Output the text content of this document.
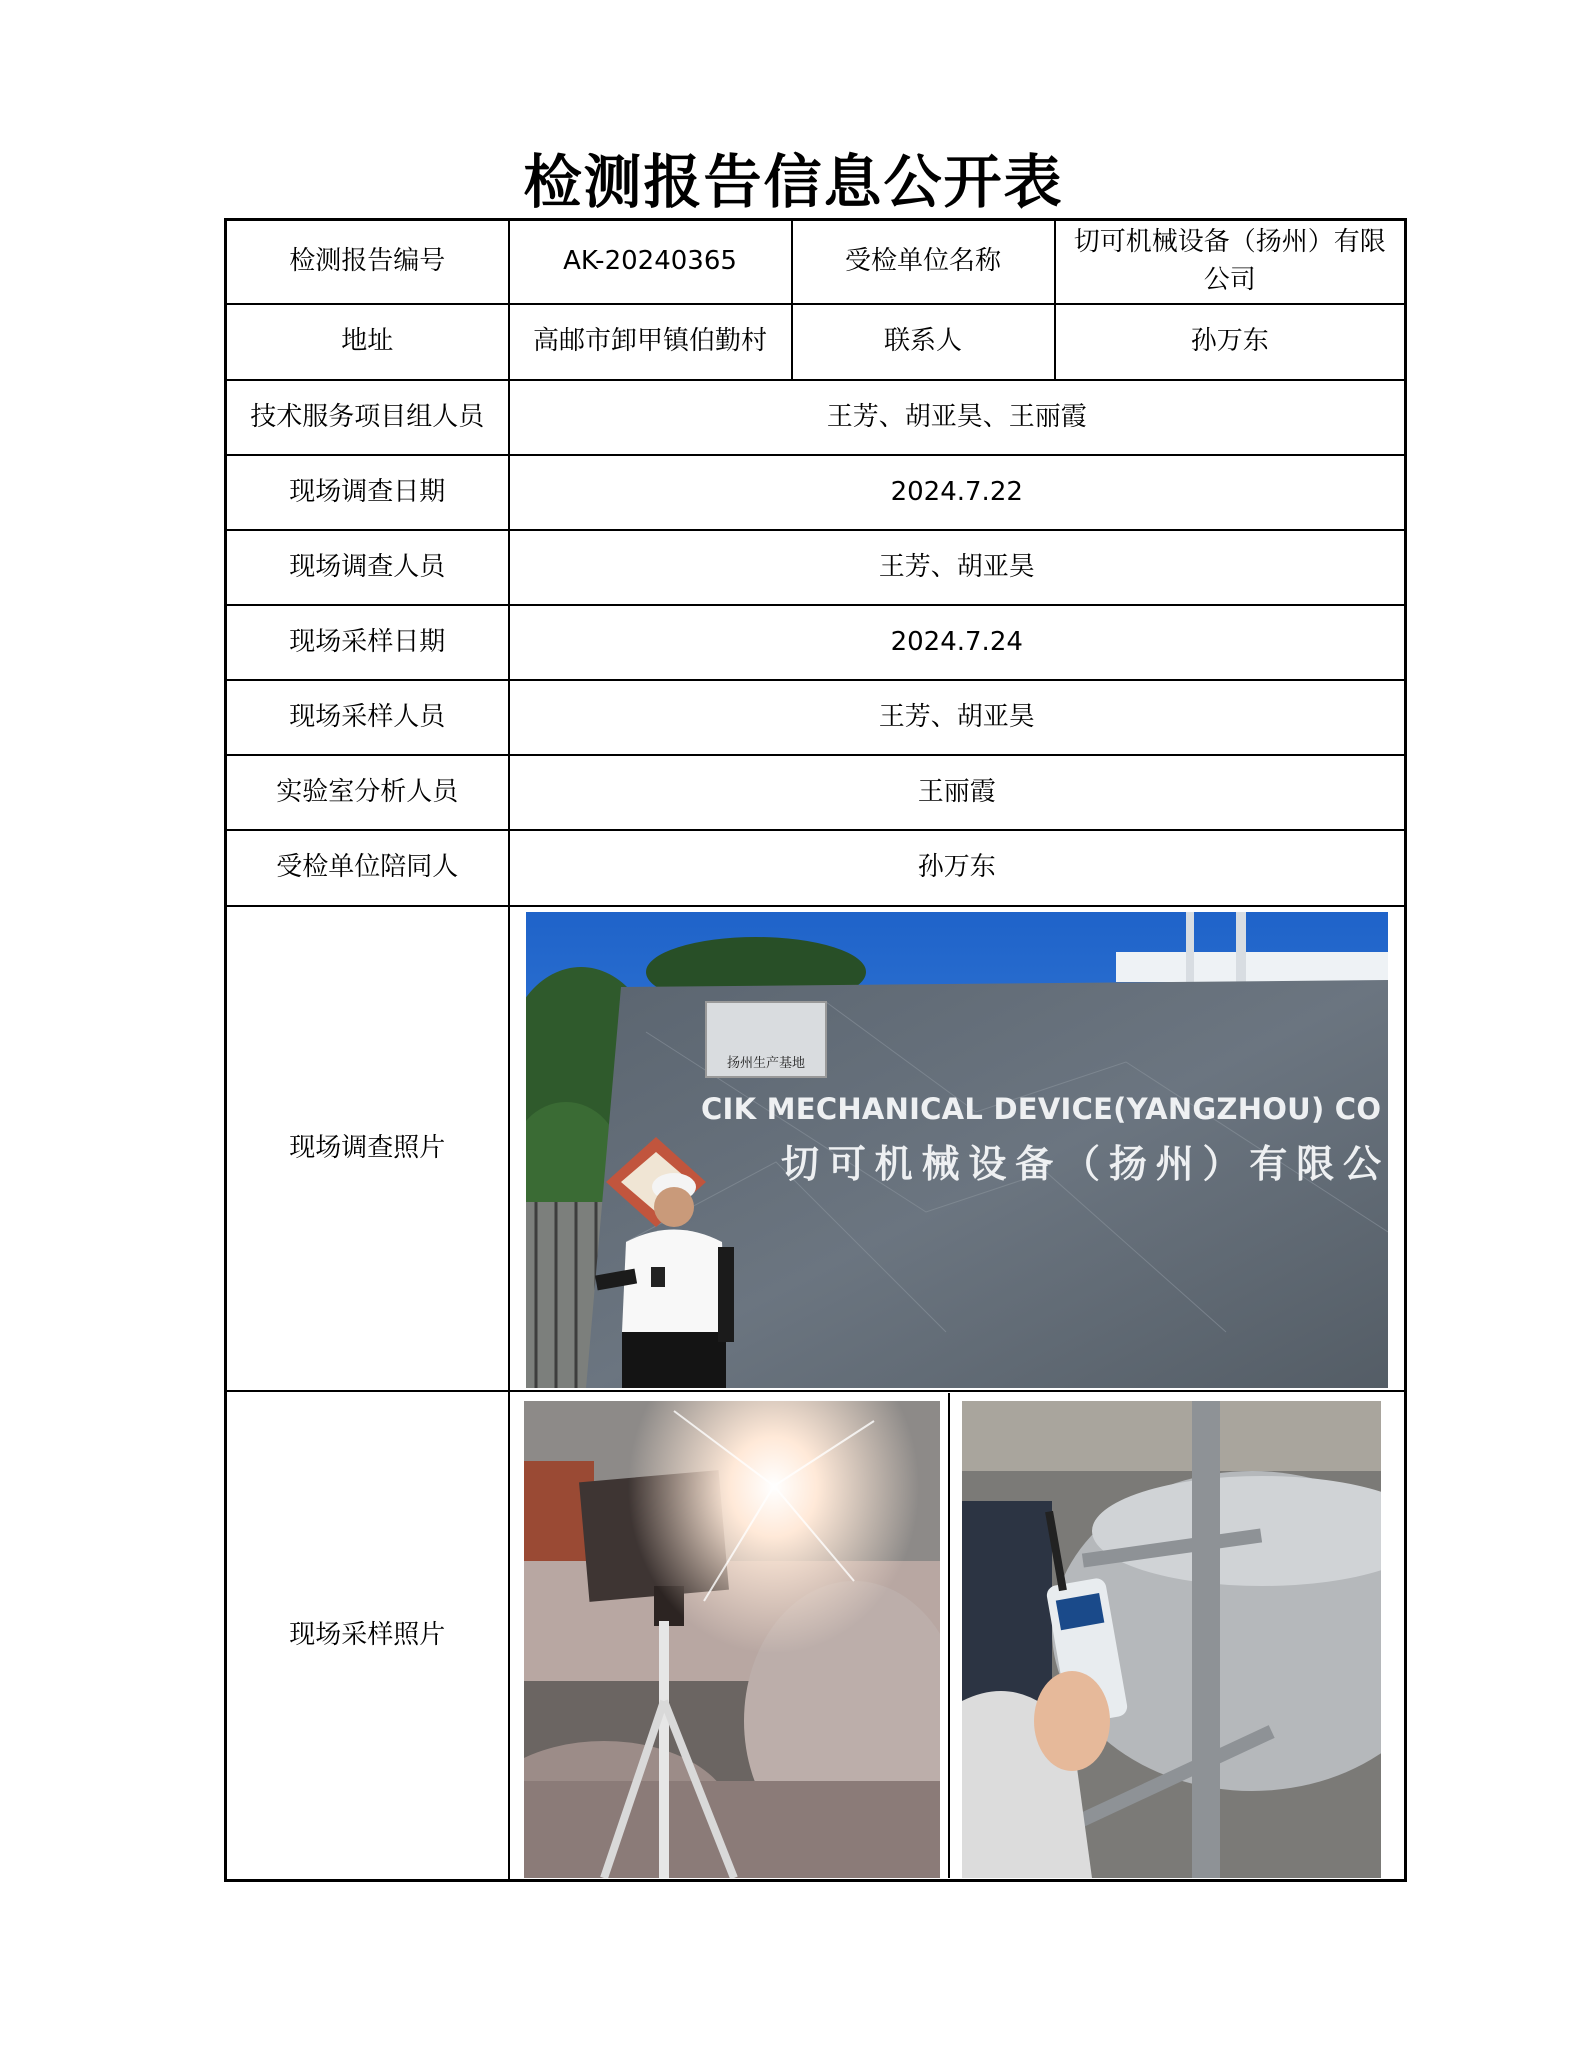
检测报告信息公开表
检测报告编号	AK-20240365	受检单位名称	切可机械设备（扬州）有限公司
地址	高邮市卸甲镇伯勤村	联系人	孙万东
技术服务项目组人员	王芳、胡亚昊、王丽霞		
现场调查日期	2024.7.22		
现场调查人员	王芳、胡亚昊		
现场采样日期	2024.7.24		
现场采样人员	王芳、胡亚昊		
实验室分析人员	王丽霞		
受检单位陪同人	孙万东		
现场调查照片	扬州生产基地
CIK MECHANICAL DEVICE(YANGZHOU) CO
切可机械设备（扬州）有限公		

现场采样照片	
